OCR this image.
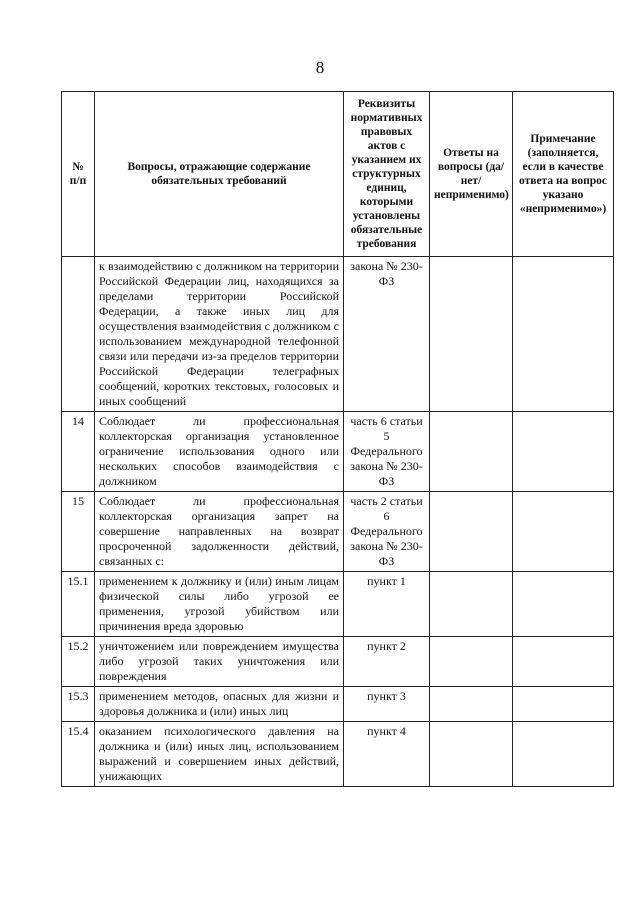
8
№ п/п	Вопросы, отражающие содержание обязательных требований	Реквизиты нормативных правовых актов с указанием их структурных единиц, которыми установлены обязательные требования	Ответы на вопросы (да/нет/ неприменимо)	Примечание (заполняется, если в качестве ответа на вопрос указано «неприменимо»)
	к взаимодействию с должником на территории Российской Федерации лиц, находящихся за пределами территории Российской Федерации, а также иных лиц для осуществления взаимодействия с должником с использованием международной телефонной связи или передачи из-за пределов территории Российской Федерации телеграфных сообщений, коротких текстовых, голосовых и иных сообщений	закона № 230-ФЗ		
14	Соблюдает ли профессиональная коллекторская организация установленное ограничение использования одного или нескольких способов взаимодействия с должником	часть 6 статьи 5 Федерального закона № 230-ФЗ		
15	Соблюдает ли профессиональная коллекторская организация запрет на совершение направленных на возврат просроченной задолженности действий, связанных с:	часть 2 статьи 6 Федерального закона № 230-ФЗ		
15.1	применением к должнику и (или) иным лицам физической силы либо угрозой ее применения, угрозой убийством или причинения вреда здоровью	пункт 1		
15.2	уничтожением или повреждением имущества либо угрозой таких уничтожения или повреждения	пункт 2		
15.3	применением методов, опасных для жизни и здоровья должника и (или) иных лиц	пункт 3		
15.4	оказанием психологического давления на должника и (или) иных лиц, использованием выражений и совершением иных действий, унижающих	пункт 4		
